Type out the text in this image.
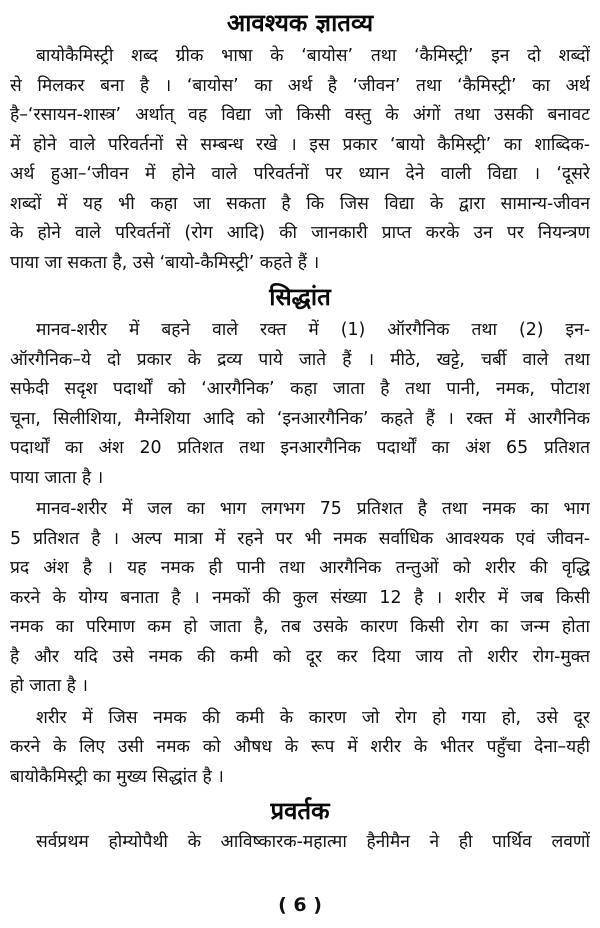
आवश्यक ज्ञातव्य

बायोकैमिस्ट्री शब्द ग्रीक भाषा के ‘बायोस’ तथा ‘कैमिस्ट्री’ इन दो शब्दों
से मिलकर बना है । ‘बायोस’ का अर्थ है ‘जीवन’ तथा ‘कैमिस्ट्री’ का अर्थ
है–‘रसायन-शास्त्र’ अर्थात् वह विद्या जो किसी वस्तु के अंगों तथा उसकी बनावट
में होने वाले परिवर्तनों से सम्बन्ध रखे । इस प्रकार ‘बायो कैमिस्ट्री’ का शाब्दिक-
अर्थ हुआ–‘जीवन में होने वाले परिवर्तनों पर ध्यान देने वाली विद्या । ‘दूसरे
शब्दों में यह भी कहा जा सकता है कि जिस विद्या के द्वारा सामान्य-जीवन
के होने वाले परिवर्तनों (रोग आदि) की जानकारी प्राप्त करके उन पर नियन्त्रण
पाया जा सकता है, उसे ‘बायो-कैमिस्ट्री’ कहते हैं ।

सिद्धांत

मानव-शरीर में बहने वाले रक्त में (1) ऑरगैनिक तथा (2) इन-
ऑरगैनिक–ये दो प्रकार के द्रव्य पाये जाते हैं । मीठे, खट्टे, चर्बी वाले तथा
सफेदी सदृश पदार्थों को ‘आरगैनिक’ कहा जाता है तथा पानी, नमक, पोटाश
चूना, सिलीशिया, मैग्नेशिया आदि को ‘इनआरगैनिक’ कहते हैं । रक्त में आरगैनिक
पदार्थों का अंश 20 प्रतिशत तथा इनआरगैनिक पदार्थों का अंश 65 प्रतिशत
पाया जाता है ।

मानव-शरीर में जल का भाग लगभग 75 प्रतिशत है तथा नमक का भाग
5 प्रतिशत है । अल्प मात्रा में रहने पर भी नमक सर्वाधिक आवश्यक एवं जीवन-
प्रद अंश है । यह नमक ही पानी तथा आरगैनिक तन्तुओं को शरीर की वृद्धि
करने के योग्य बनाता है । नमकों की कुल संख्या 12 है । शरीर में जब किसी
नमक का परिमाण कम हो जाता है, तब उसके कारण किसी रोग का जन्म होता
है और यदि उसे नमक की कमी को दूर कर दिया जाय तो शरीर रोग-मुक्त
हो जाता है ।

शरीर में जिस नमक की कमी के कारण जो रोग हो गया हो, उसे दूर
करने के लिए उसी नमक को औषध के रूप में शरीर के भीतर पहुँचा देना–यही
बायोकैमिस्ट्री का मुख्य सिद्धांत है ।

प्रवर्तक

सर्वप्रथम होम्योपैथी के आविष्कारक-महात्मा हैनीमैन ने ही पार्थिव लवणों

( 6 )
